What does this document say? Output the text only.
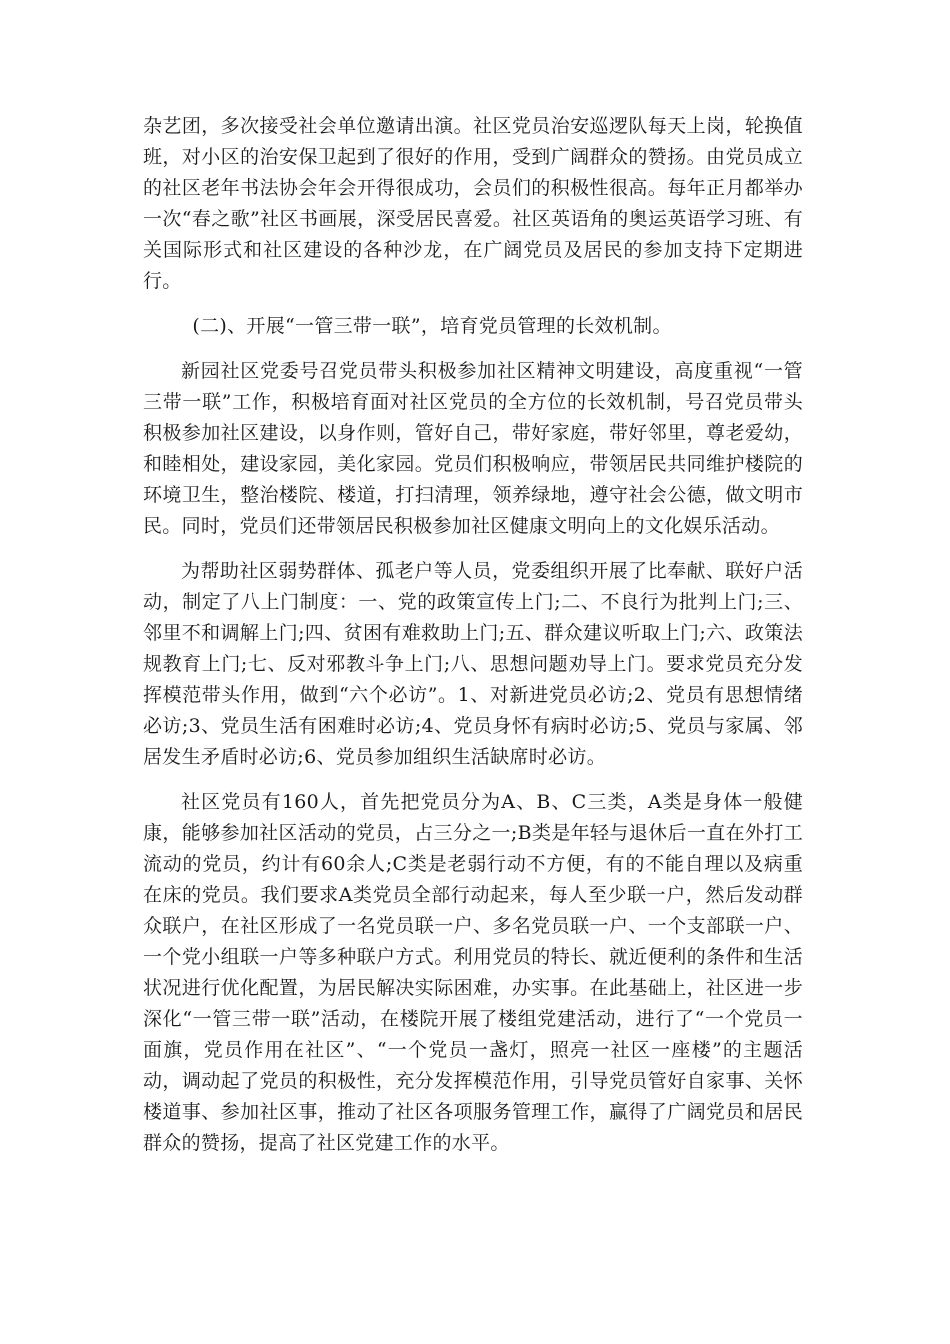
杂艺团，多次接受社会单位邀请出演。社区党员治安巡逻队每天上岗，轮换值班，对小区的治安保卫起到了很好的作用，受到广阔群众的赞扬。由党员成立的社区老年书法协会年会开得很成功，会员们的积极性很高。每年正月都举办一次“春之歌”社区书画展，深受居民喜爱。社区英语角的奥运英语学习班、有关国际形式和社区建设的各种沙龙，在广阔党员及居民的参加支持下定期进行。

(二)、开展“一管三带一联”，培育党员管理的长效机制。

新园社区党委号召党员带头积极参加社区精神文明建设，高度重视“一管三带一联”工作，积极培育面对社区党员的全方位的长效机制，号召党员带头积极参加社区建设，以身作则，管好自己，带好家庭，带好邻里，尊老爱幼，和睦相处，建设家园，美化家园。党员们积极响应，带领居民共同维护楼院的环境卫生，整治楼院、楼道，打扫清理，领养绿地，遵守社会公德，做文明市民。同时，党员们还带领居民积极参加社区健康文明向上的文化娱乐活动。

为帮助社区弱势群体、孤老户等人员，党委组织开展了比奉献、联好户活动，制定了八上门制度：一、党的政策宣传上门;二、不良行为批判上门;三、邻里不和调解上门;四、贫困有难救助上门;五、群众建议听取上门;六、政策法规教育上门;七、反对邪教斗争上门;八、思想问题劝导上门。要求党员充分发挥模范带头作用，做到“六个必访”。1、对新进党员必访;2、党员有思想情绪必访;3、党员生活有困难时必访;4、党员身怀有病时必访;5、党员与家属、邻居发生矛盾时必访;6、党员参加组织生活缺席时必访。

社区党员有160人，首先把党员分为A、B、C三类，A类是身体一般健康，能够参加社区活动的党员，占三分之一;B类是年轻与退休后一直在外打工流动的党员，约计有60余人;C类是老弱行动不方便，有的不能自理以及病重在床的党员。我们要求A类党员全部行动起来，每人至少联一户，然后发动群众联户，在社区形成了一名党员联一户、多名党员联一户、一个支部联一户、一个党小组联一户等多种联户方式。利用党员的特长、就近便利的条件和生活状况进行优化配置，为居民解决实际困难，办实事。在此基础上，社区进一步深化“一管三带一联”活动，在楼院开展了楼组党建活动，进行了“一个党员一面旗，党员作用在社区”、“一个党员一盏灯，照亮一社区一座楼”的主题活动，调动起了党员的积极性，充分发挥模范作用，引导党员管好自家事、关怀楼道事、参加社区事，推动了社区各项服务管理工作，赢得了广阔党员和居民群众的赞扬，提高了社区党建工作的水平。
